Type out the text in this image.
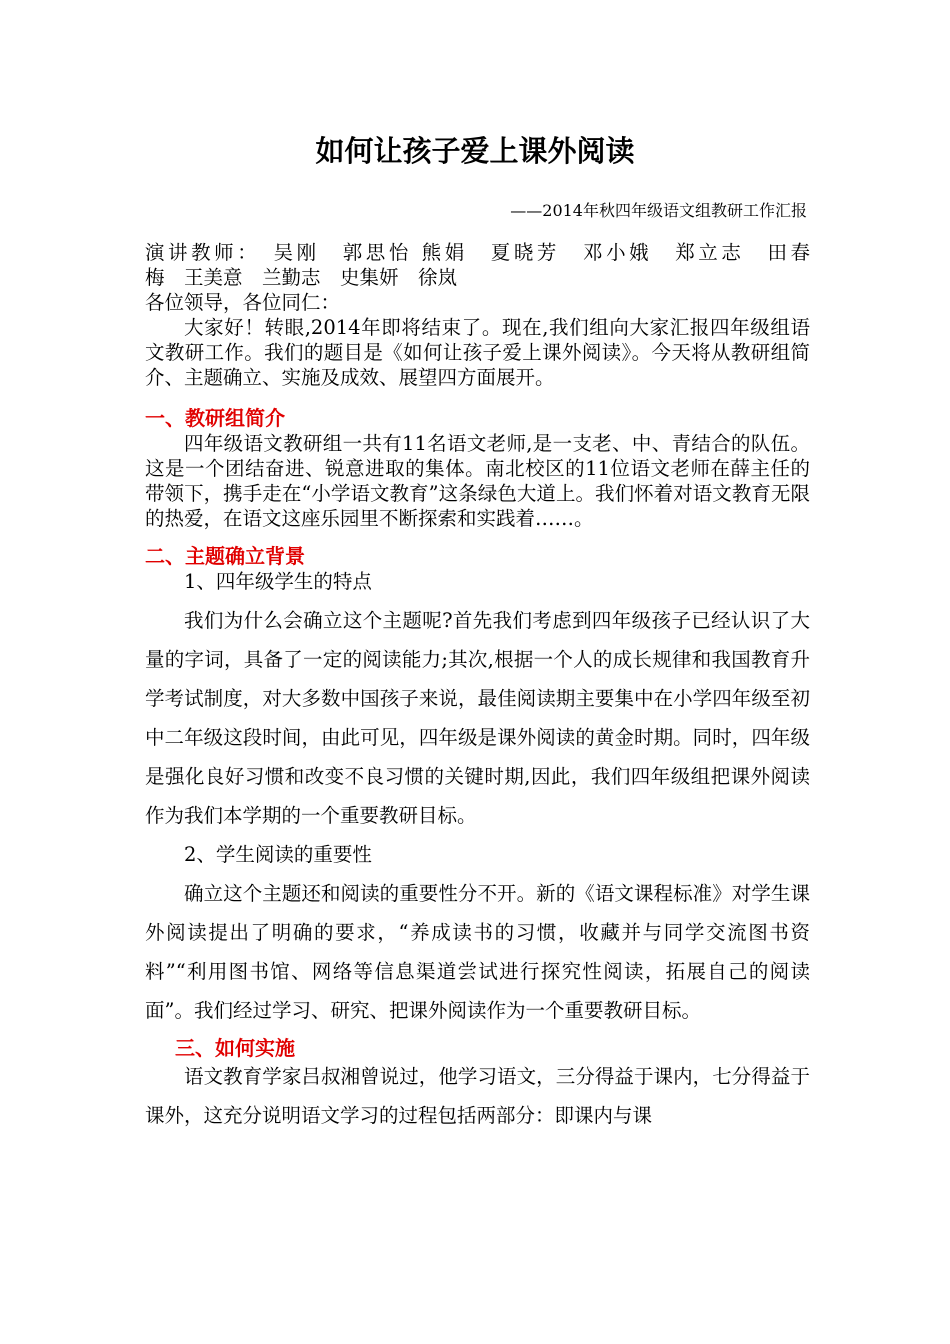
如何让孩子爱上课外阅读
——2014年秋四年级语文组教研工作汇报

演讲教师：　吴刚　郭思怡 熊娟　夏晓芳　邓小娥　郑立志　田春

梅　王美意　兰勤志　史集妍　徐岚

各位领导，各位同仁：

大家好！转眼,2014年即将结束了。现在,我们组向大家汇报四年级组语文教研工作。我们的题目是《如何让孩子爱上课外阅读》。今天将从教研组简介、主题确立、实施及成效、展望四方面展开。

一、教研组简介

四年级语文教研组一共有11名语文老师,是一支老、中、青结合的队伍。这是一个团结奋进、锐意进取的集体。南北校区的11位语文老师在薛主任的带领下，携手走在“小学语文教育”这条绿色大道上。我们怀着对语文教育无限的热爱，在语文这座乐园里不断探索和实践着……。

二、主题确立背景

1、四年级学生的特点

我们为什么会确立这个主题呢?首先我们考虑到四年级孩子已经认识了大量的字词，具备了一定的阅读能力;其次,根据一个人的成长规律和我国教育升学考试制度，对大多数中国孩子来说，最佳阅读期主要集中在小学四年级至初中二年级这段时间，由此可见，四年级是课外阅读的黄金时期。同时，四年级是强化良好习惯和改变不良习惯的关键时期,因此，我们四年级组把课外阅读作为我们本学期的一个重要教研目标。

2、学生阅读的重要性

确立这个主题还和阅读的重要性分不开。新的《语文课程标准》对学生课外阅读提出了明确的要求，“养成读书的习惯，收藏并与同学交流图书资料”“利用图书馆、网络等信息渠道尝试进行探究性阅读，拓展自己的阅读面”。我们经过学习、研究、把课外阅读作为一个重要教研目标。

三、如何实施

语文教育学家吕叔湘曾说过，他学习语文，三分得益于课内，七分得益于课外，这充分说明语文学习的过程包括两部分：即课内与课
